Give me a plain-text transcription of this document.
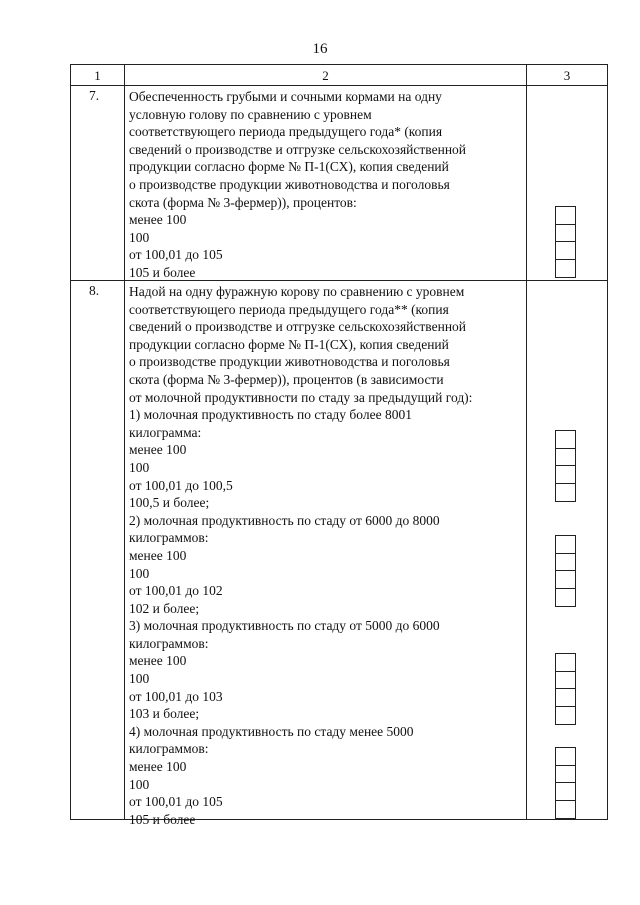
16
1	2	3
7. Обеспеченность грубыми и сочными кормами на одну
условную голову по сравнению с уровнем
соответствующего периода предыдущего года* (копия
сведений о производстве и отгрузке сельскохозяйственной
продукции согласно форме № П-1(СХ), копия сведений
о производстве продукции животноводства и поголовья
скота (форма № 3-фермер)), процентов:
менее 100
100
от 100,01 до 105
105 и более
8. Надой на одну фуражную корову по сравнению с уровнем
соответствующего периода предыдущего года** (копия
сведений о производстве и отгрузке сельскохозяйственной
продукции согласно форме № П-1(СХ), копия сведений
о производстве продукции животноводства и поголовья
скота (форма № 3-фермер)), процентов (в зависимости
от молочной продуктивности по стаду за предыдущий год):
1) молочная продуктивность по стаду более 8001
килограмма:
менее 100
100
от 100,01 до 100,5
100,5 и более;
2) молочная продуктивность по стаду от 6000 до 8000
килограммов:
менее 100
100
от 100,01 до 102
102 и более;
3) молочная продуктивность по стаду от 5000 до 6000
килограммов:
менее 100
100
от 100,01 до 103
103 и более;
4) молочная продуктивность по стаду менее 5000
килограммов:
менее 100
100
от 100,01 до 105
105 и более
